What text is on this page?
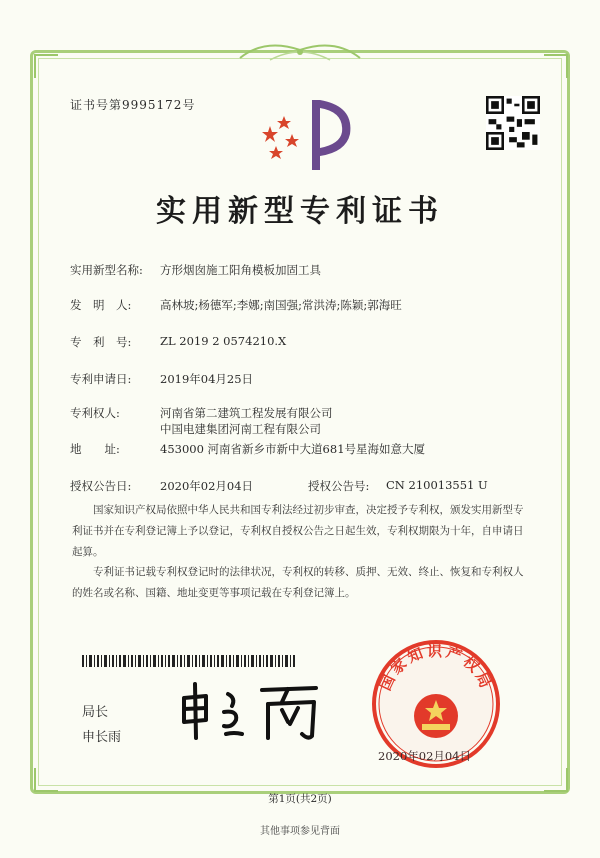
证书号第9995172号
实用新型专利证书
实用新型名称: 方形烟囱施工阳角模板加固工具
发　明　人: 高林坡;杨德军;李娜;南国强;常洪涛;陈颖;郭海旺
专　利　号: ZL 2019 2 0574210.X
专利申请日: 2019年04月25日
专利权人:	河南省第二建筑工程发展有限公司
中国电建集团河南工程有限公司
地　　址:	453000 河南省新乡市新中大道681号星海如意大厦
授权公告日: 2020年02月04日	授权公告号: CN 210013551 U
国家知识产权局依照中华人民共和国专利法经过初步审查，决定授予专利权，颁发实用新型专利证书并在专利登记簿上予以登记，专利权自授权公告之日起生效，专利权期限为十年，自申请日起算。
专利证书记载专利权登记时的法律状况，专利权的转移、质押、无效、终止、恢复和专利权人的姓名或名称、国籍、地址变更等事项记载在专利登记簿上。
局长
申长雨
国家知识产权局
2020年02月04日
第1页(共2页)
其他事项参见背面
